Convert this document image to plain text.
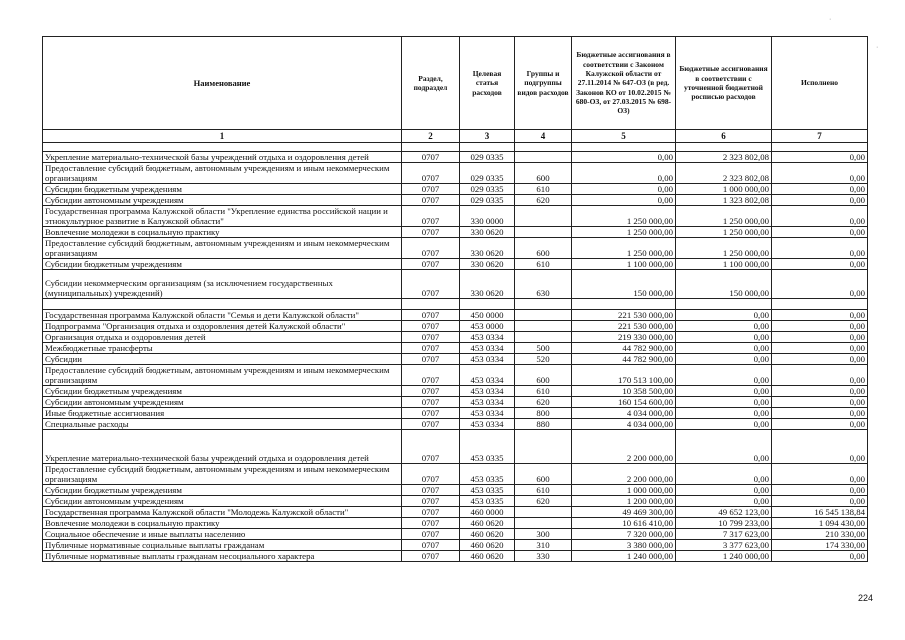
Наименование	Раздел, подраздел	Целевая статья расходов	Группы и подгруппы видов расходов	Бюджетные ассигнования в соответствии с Законом Калужской области от 27.11.2014 № 647-ОЗ (в ред. Законов КО от 10.02.2015 № 680-ОЗ, от 27.03.2015 № 698-ОЗ)	Бюджетные ассигнования в соответствии с уточненной бюджетной росписью расходов	Исполнено
1	2	3	4	5	6	7

Укрепление материально-технической базы учреждений отдыха и оздоровления детей	0707	029 0335		0,00	2 323 802,08	0,00
Предоставление субсидий бюджетным, автономным учреждениям и иным некоммерческим организациям	0707	029 0335	600	0,00	2 323 802,08	0,00
Субсидии бюджетным учреждениям	0707	029 0335	610	0,00	1 000 000,00	0,00
Субсидии автономным учреждениям	0707	029 0335	620	0,00	1 323 802,08	0,00
Государственная программа Калужской области "Укрепление единства российской нации и этнокультурное развитие в Калужской области"	0707	330 0000		1 250 000,00	1 250 000,00	0,00
Вовлечение молодежи в социальную практику	0707	330 0620		1 250 000,00	1 250 000,00	0,00
Предоставление субсидий бюджетным, автономным учреждениям и иным некоммерческим организациям	0707	330 0620	600	1 250 000,00	1 250 000,00	0,00
Субсидии бюджетным учреждениям	0707	330 0620	610	1 100 000,00	1 100 000,00	0,00
Субсидии некоммерческим организациям (за исключением государственных (муниципальных) учреждений)	0707	330 0620	630	150 000,00	150 000,00	0,00

Государственная программа Калужской области "Семья и дети Калужской области"	0707	450 0000		221 530 000,00	0,00	0,00
Подпрограмма "Организация отдыха и оздоровления детей Калужской области"	0707	453 0000		221 530 000,00	0,00	0,00
Организация отдыха и оздоровления детей	0707	453 0334		219 330 000,00	0,00	0,00
Межбюджетные трансферты	0707	453 0334	500	44 782 900,00	0,00	0,00
Субсидии	0707	453 0334	520	44 782 900,00	0,00	0,00
Предоставление субсидий бюджетным, автономным учреждениям и иным некоммерческим организациям	0707	453 0334	600	170 513 100,00	0,00	0,00
Субсидии бюджетным учреждениям	0707	453 0334	610	10 358 500,00	0,00	0,00
Субсидии автономным учреждениям	0707	453 0334	620	160 154 600,00	0,00	0,00
Иные бюджетные ассигнования	0707	453 0334	800	4 034 000,00	0,00	0,00
Специальные расходы	0707	453 0334	880	4 034 000,00	0,00	0,00
Укрепление материально-технической базы учреждений отдыха и оздоровления детей	0707	453 0335		2 200 000,00	0,00	0,00
Предоставление субсидий бюджетным, автономным учреждениям и иным некоммерческим организациям	0707	453 0335	600	2 200 000,00	0,00	0,00
Субсидии бюджетным учреждениям	0707	453 0335	610	1 000 000,00	0,00	0,00
Субсидии автономным учреждениям	0707	453 0335	620	1 200 000,00	0,00	0,00
Государственная программа Калужской области "Молодежь Калужской области"	0707	460 0000		49 469 300,00	49 652 123,00	16 545 138,84
Вовлечение молодежи в социальную практику	0707	460 0620		10 616 410,00	10 799 233,00	1 094 430,00
Социальное обеспечение и иные выплаты населению	0707	460 0620	300	7 320 000,00	7 317 623,00	210 330,00
Публичные нормативные социальные выплаты гражданам	0707	460 0620	310	3 380 000,00	3 377 623,00	174 330,00
Публичные нормативные выплаты гражданам несоциального характера	0707	460 0620	330	1 240 000,00	1 240 000,00	0,00
224
·
·
